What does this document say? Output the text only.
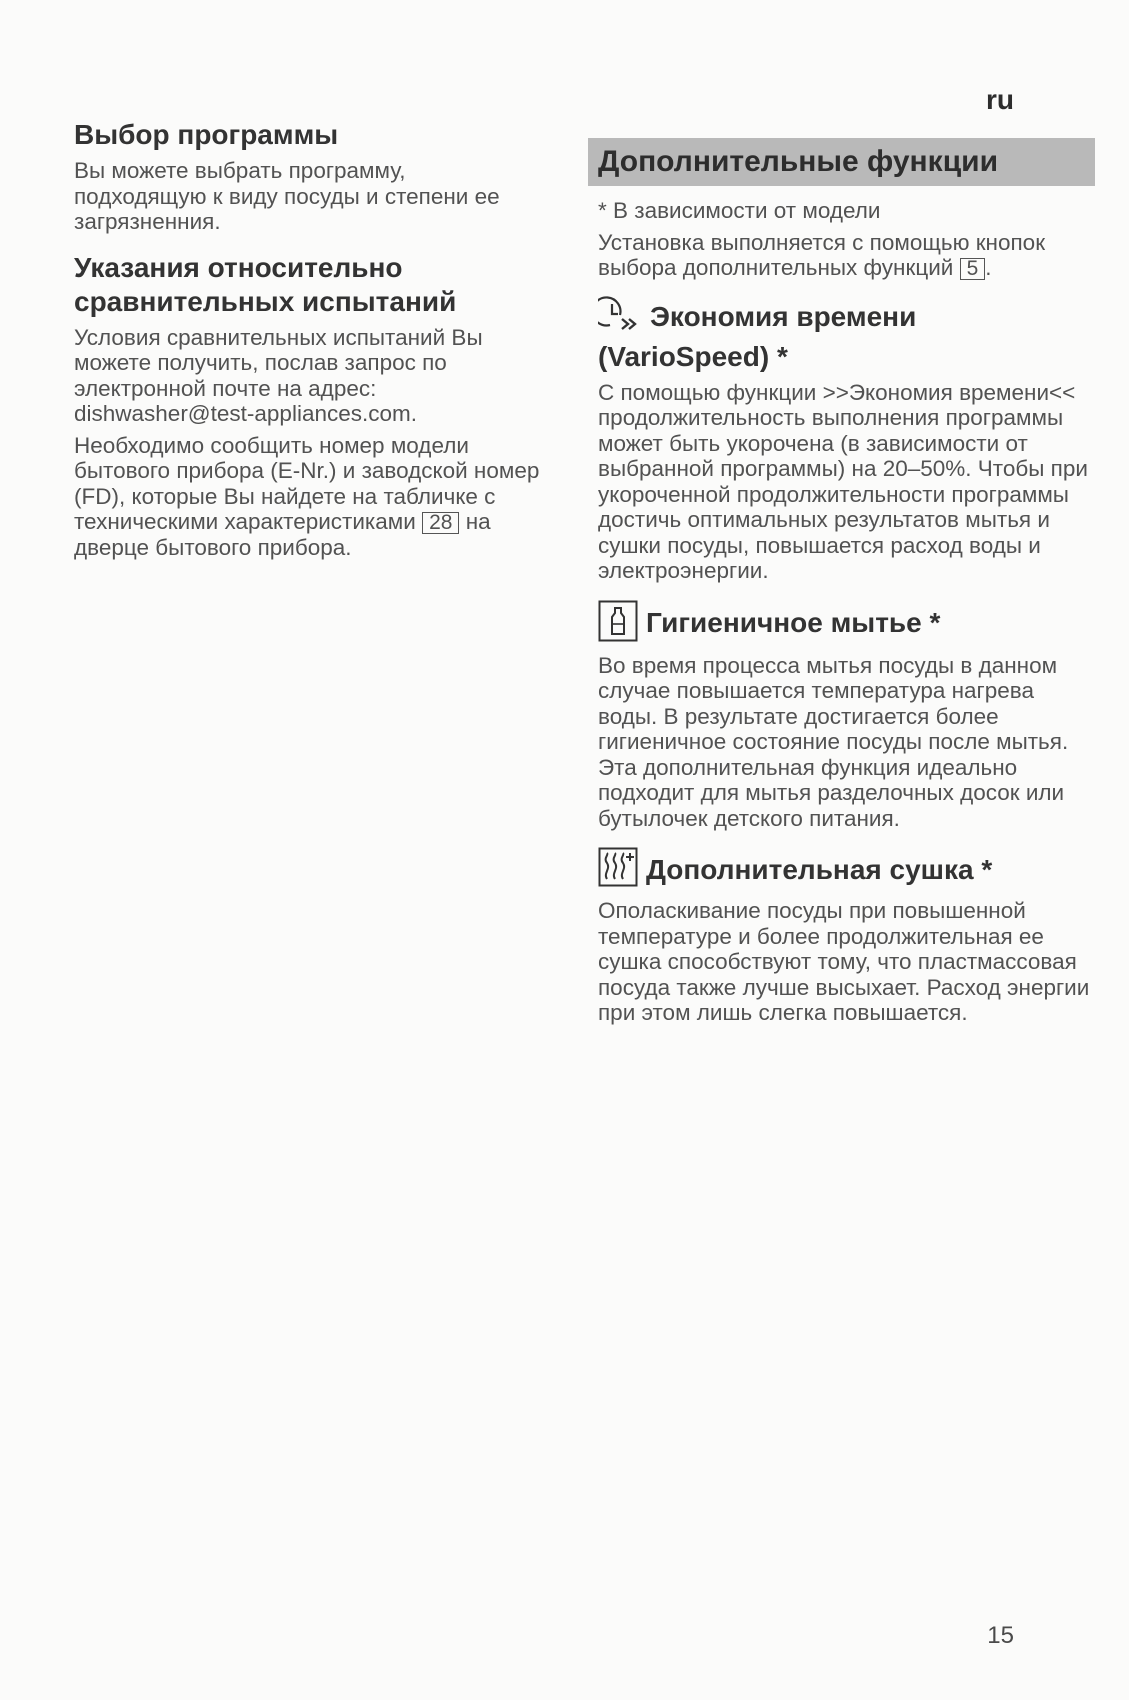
ru
Выбор программы

Вы можете выбрать программу, подходящую к виду посуды и степени ее загрязненния.

Указания относительно
сравнительных испытаний

Условия сравнительных испытаний Вы можете получить, послав запрос по электронной почте на адрес: dishwasher@test-appliances.com.

Необходимо сообщить номер модели бытового прибора (E-Nr.) и заводской номер (FD), которые Вы найдете на табличке с техническими характеристиками 28 на дверце бытового прибора.

Дополнительные функции

* В зависимости от модели

Установка выполняется с помощью кнопок выбора дополнительных функций 5 .

Экономия времени
(VarioSpeed) *

С помощью функции >>Экономия времени<< продолжительность выполнения программы может быть укорочена (в зависимости от выбранной программы) на 20–50%. Чтобы при укороченной продолжительности программы достичь оптимальных результатов мытья и сушки посуды, повышается расход воды и электроэнергии.

Гигиеничное мытье *

Во время процесса мытья посуды в данном случае повышается температура нагрева воды. В результате достигается более гигиеничное состояние посуды после мытья. Эта дополнительная функция идеально подходит для мытья разделочных досок или бутылочек детского питания.

Дополнительная сушка *

Ополаскивание посуды при повышенной температуре и более продолжительная ее сушка способствуют тому, что пластмассовая посуда также лучше высыхает. Расход энергии при этом лишь слегка повышается.

15
